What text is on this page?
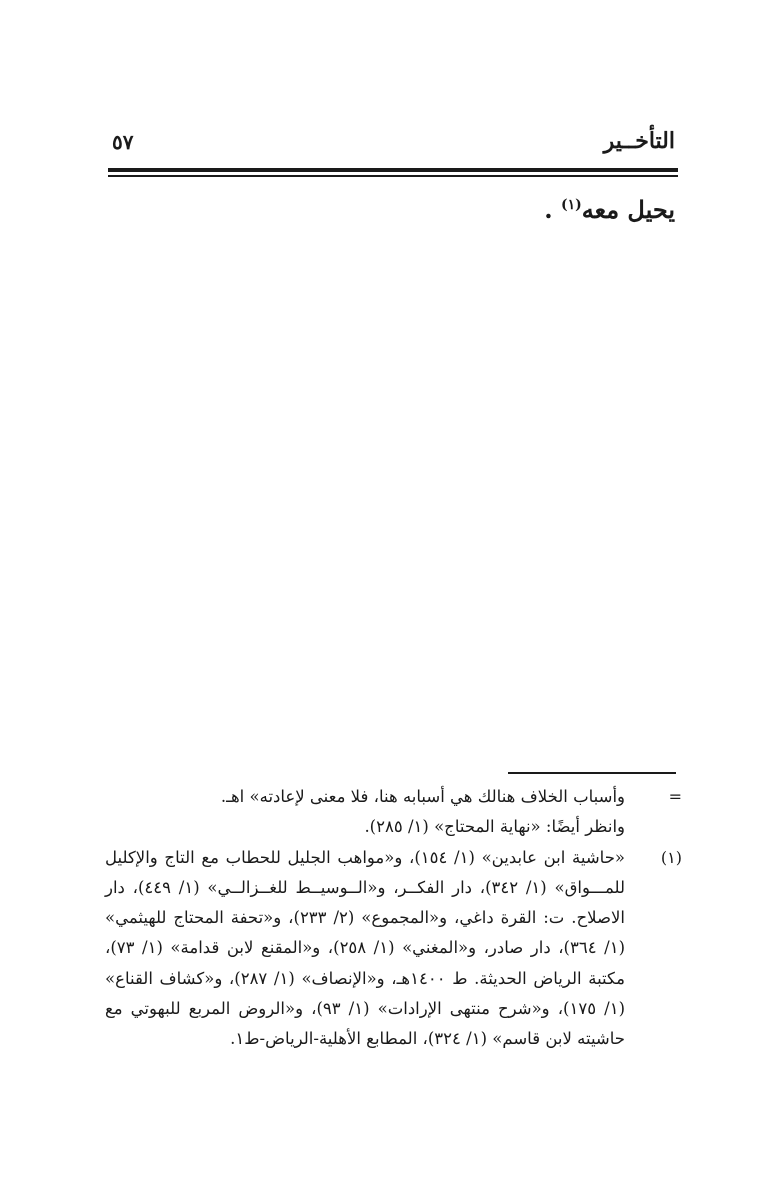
التأخــير
٥٧
يحيل معه$^{(١)}$ .
=
وأسباب الخلاف هنالك هي أسبابه هنا، فلا معنى لإعادته» اهـ.
وانظر أيضًا: «نهاية المحتاج» (١/ ٢٨٥).
(١)
«حاشية ابن عابدين» (١/ ١٥٤)، و«مواهب الجليل للحطاب مع التاج والإكليل
للمـــواق» (١/ ٣٤٢)، دار الفكــر، و«الــوسيــط للغــزالــي» (١/ ٤٤٩)، دار
الاصلاح. ت: القرة داغي، و«المجموع» (٢/ ٢٣٣)، و«تحفة المحتاج للهيثمي»
(١/ ٣٦٤)، دار صادر، و«المغني» (١/ ٢٥٨)، و«المقنع لابن قدامة» (١/ ٧٣)،
مكتبة الرياض الحديثة. ط ١٤٠٠هـ، و«الإنصاف» (١/ ٢٨٧)، و«كشاف القناع»
(١/ ١٧٥)، و«شرح منتهى الإرادات» (١/ ٩٣)، و«الروض المربع للبهوتي مع
حاشيته لابن قاسم» (١/ ٣٢٤)، المطابع الأهلية-الرياض-ط١.
